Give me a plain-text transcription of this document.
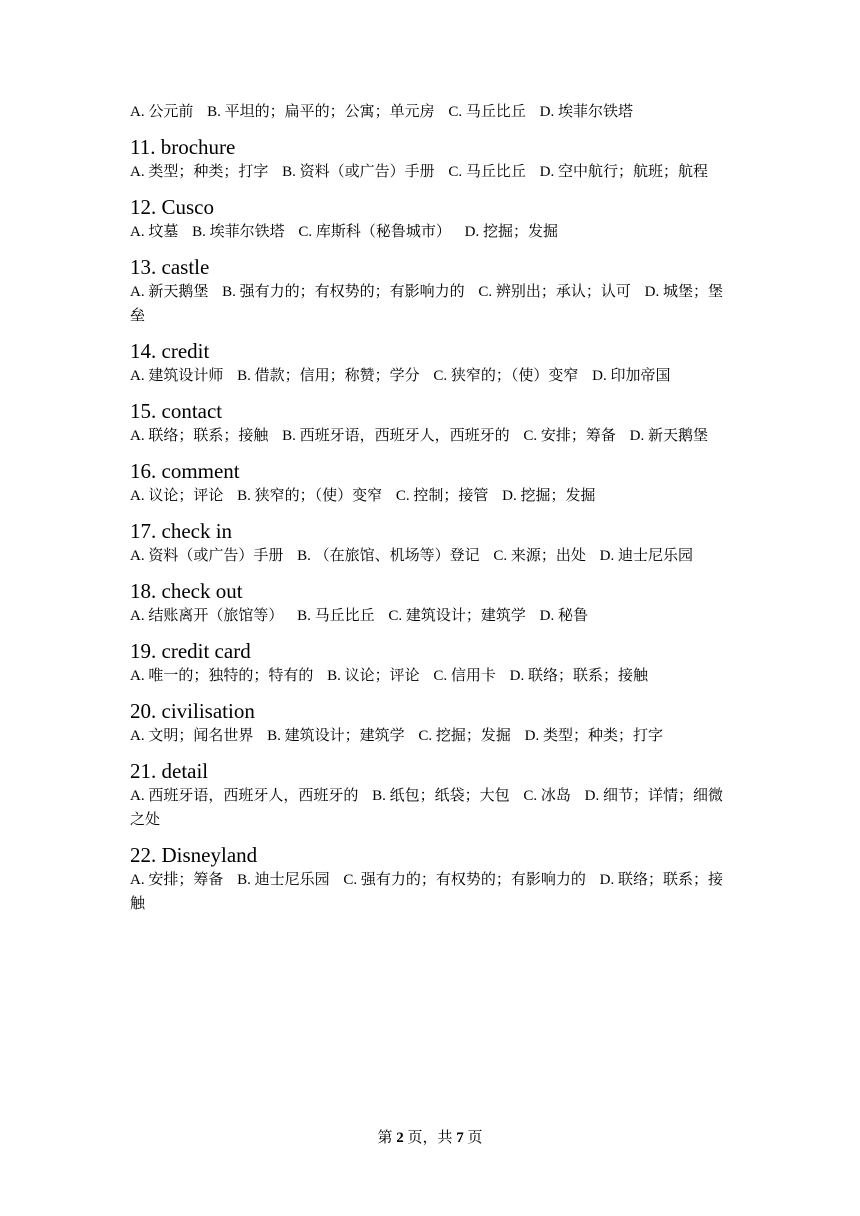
A. 公元前 B. 平坦的；扁平的；公寓；单元房 C. 马丘比丘 D. 埃菲尔铁塔

11. brochure

A. 类型；种类；打字 B. 资料（或广告）手册 C. 马丘比丘 D. 空中航行；航班；航程

12. Cusco

A. 坟墓 B. 埃菲尔铁塔 C. 库斯科（秘鲁城市） D. 挖掘；发掘

13. castle

A. 新天鹅堡 B. 强有力的；有权势的；有影响力的 C. 辨别出；承认；认可 D. 城堡；堡垒

14. credit

A. 建筑设计师 B. 借款；信用；称赞；学分 C. 狭窄的；（使）变窄 D. 印加帝国

15. contact

A. 联络；联系；接触 B. 西班牙语，西班牙人，西班牙的 C. 安排；筹备 D. 新天鹅堡

16. comment

A. 议论；评论 B. 狭窄的；（使）变窄 C. 控制；接管 D. 挖掘；发掘

17. check in

A. 资料（或广告）手册 B. （在旅馆、机场等）登记 C. 来源；出处 D. 迪士尼乐园

18. check out

A. 结账离开（旅馆等） B. 马丘比丘 C. 建筑设计；建筑学 D. 秘鲁

19. credit card

A. 唯一的；独特的；特有的 B. 议论；评论 C. 信用卡 D. 联络；联系；接触

20. civilisation

A. 文明；闻名世界 B. 建筑设计；建筑学 C. 挖掘；发掘 D. 类型；种类；打字

21. detail

A. 西班牙语，西班牙人，西班牙的 B. 纸包；纸袋；大包 C. 冰岛 D. 细节；详情；细微之处

22. Disneyland

A. 安排；筹备 B. 迪士尼乐园 C. 强有力的；有权势的；有影响力的 D. 联络；联系；接触

第 2 页，共 7 页
